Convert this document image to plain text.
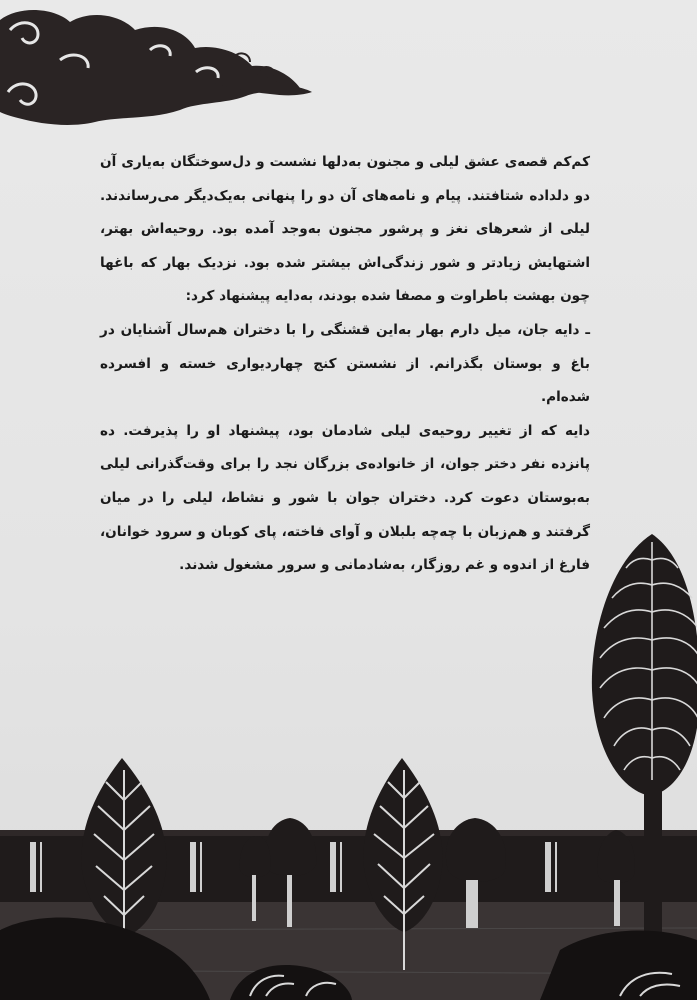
کم‌کم قصه‌ی عشق لیلی و مجنون به‌دلها نشست و دل‌سوختگان به‌یاری آن دو دلداده شتافتند. پیام و نامه‌های آن دو را پنهانی به‌یک‌دیگر می‌رساندند. لیلی از شعرهای نغز و پرشور مجنون به‌وجد آمده بود. روحیه‌اش بهتر، اشتهایش زیادتر و شور زندگی‌اش بیشتر شده بود. نزدیک بهار که باغها چون بهشت باطراوت و مصفا شده بودند، به‌دایه پیشنهاد کرد:

ـ دایه جان، میل دارم بهار به‌این قشنگی را با دختران هم‌سال آشنایان در باغ و بوستان بگذرانم. از نشستن کنج چهاردیواری خسته و افسرده شده‌ام.

دایه که از تغییر روحیه‌ی لیلی شادمان بود، پیشنهاد او را پذیرفت. ده پانزده نفر دختر جوان، از خانواده‌ی بزرگان نجد را برای وقت‌گذرانی لیلی به‌بوستان دعوت کرد. دختران جوان با شور و نشاط، لیلی را در میان گرفتند و هم‌زبان با چه‌چه بلبلان و آوای فاخته، پای کوبان و سرود خوانان، فارغ از اندوه و غم روزگار، به‌شادمانی و سرور مشغول شدند.
